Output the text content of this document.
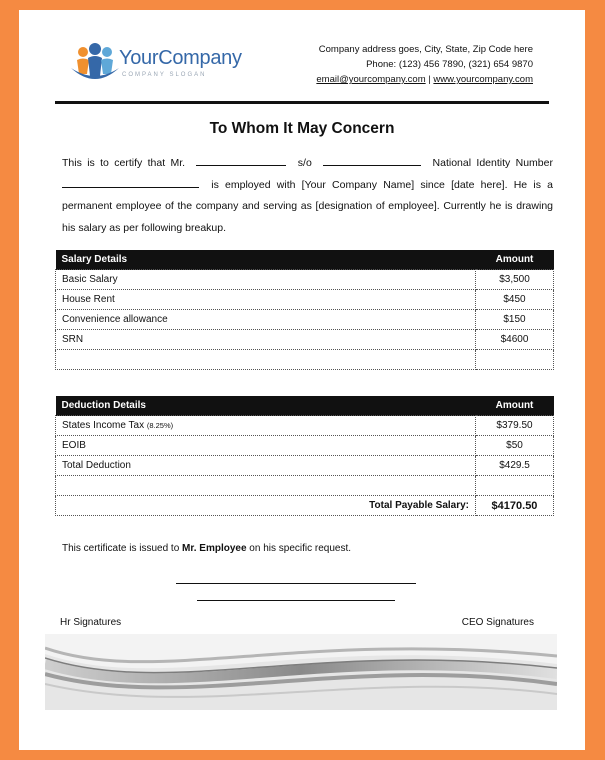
YourCompany
COMPANY SLOGAN
Company address goes, City, State, Zip Code here
Phone: (123) 456 7890, (321) 654 9870
email@yourcompany.com | www.yourcompany.com
To Whom It May Concern
This is to certify that Mr.	s/o	National Identity Number  is employed with [Your Company Name] since [date here]. He is a permanent employee of the company and serving as [designation of employee]. Currently he is drawing his salary as per following breakup.
Salary Details	Amount
Basic Salary	$3,500
House Rent	$450
Convenience allowance	$150
SRN	$4600

Deduction Details	Amount
States Income Tax (8.25%)	$379.50
EOIB	$50
Total Deduction	$429.5

Total Payable Salary:	$4170.50
This certificate is issued to Mr. Employee on his specific request.
Hr Signatures	CEO Signatures
